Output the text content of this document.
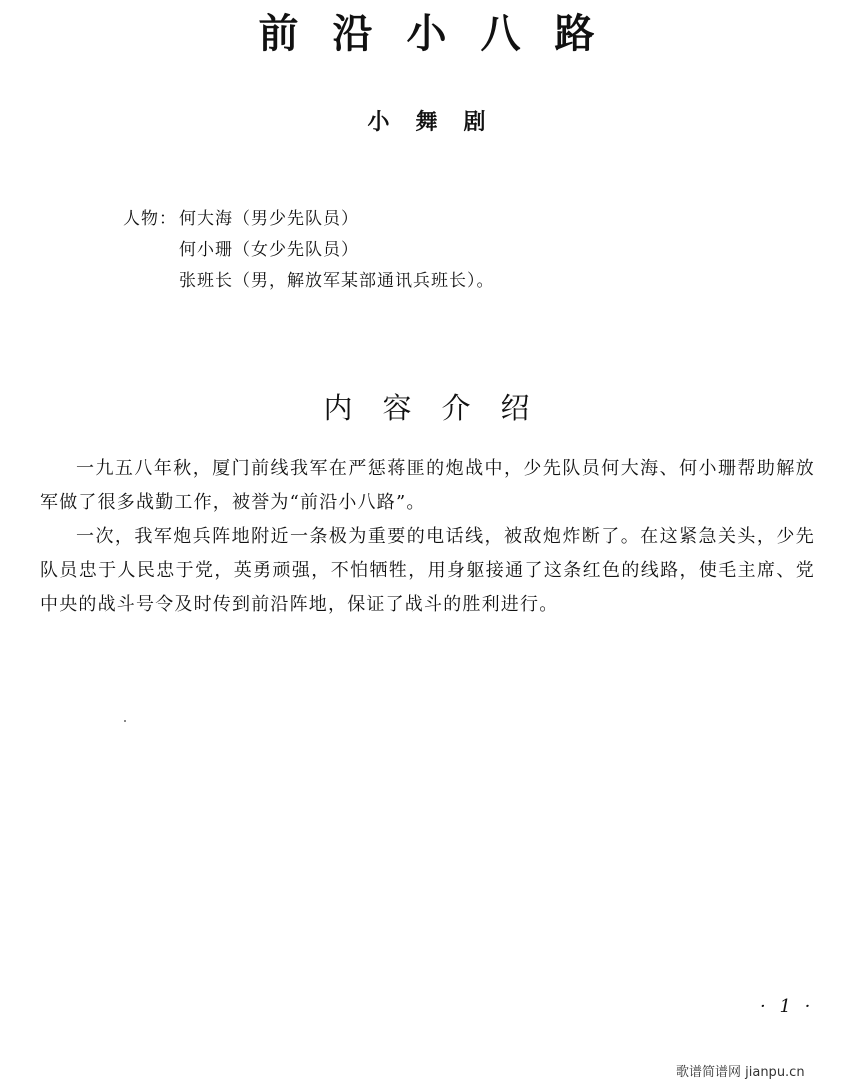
前沿小八路
小舞剧
人物： 何大海（男少先队员）
何小珊（女少先队员）
张班长（男，解放军某部通讯兵班长）。
内容介绍

一九五八年秋，厦门前线我军在严惩蒋匪的炮战中，少先队员何大海、何小珊帮助解放军做了很多战勤工作，被誉为“前沿小八路”。

一次，我军炮兵阵地附近一条极为重要的电话线，被敌炮炸断了。在这紧急关头，少先队员忠于人民忠于党，英勇顽强，不怕牺牲，用身躯接通了这条红色的线路，使毛主席、党中央的战斗号令及时传到前沿阵地，保证了战斗的胜利进行。

· 1 ·
歌谱简谱网 jianpu.cn
